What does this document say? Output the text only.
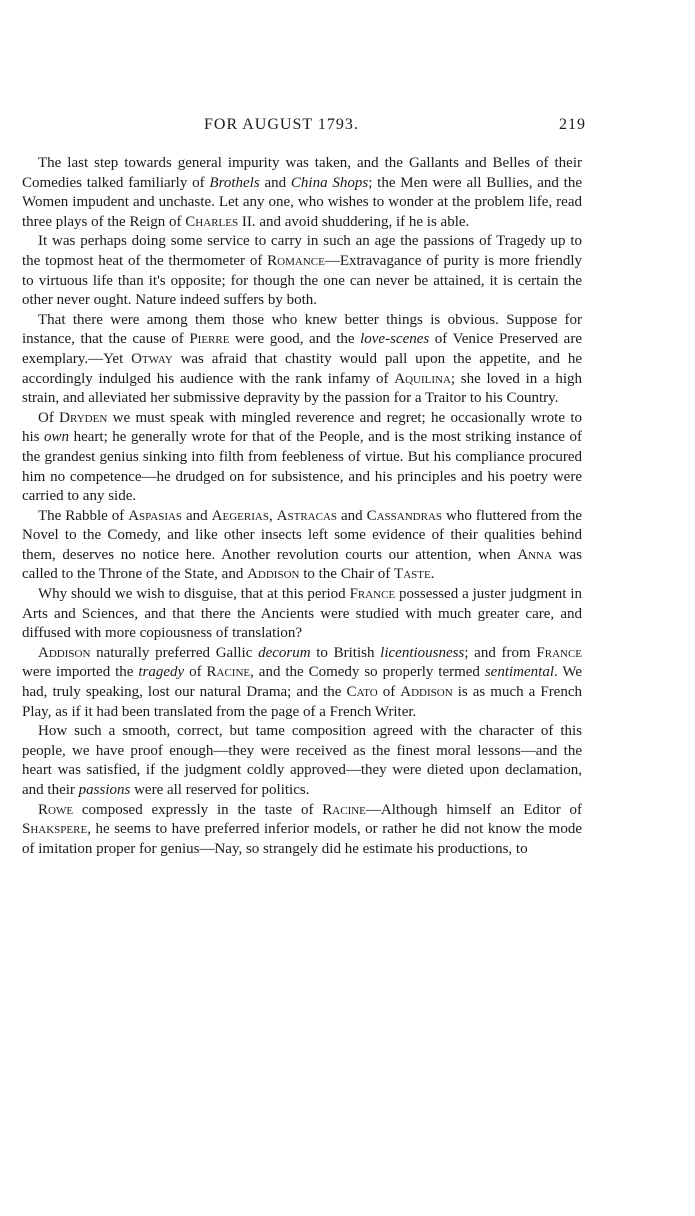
FOR AUGUST 1793.	219

The last step towards general impurity was taken, and the Gallants and Belles of their Comedies talked familiarly of Brothels and China Shops; the Men were all Bullies, and the Women impudent and unchaste. Let any one, who wishes to wonder at the problem life, read three plays of the Reign of Charles II. and avoid shuddering, if he is able.

It was perhaps doing some service to carry in such an age the passions of Tragedy up to the topmost heat of the thermometer of Romance—Extravagance of purity is more friendly to virtuous life than it's opposite; for though the one can never be attained, it is certain the other never ought. Nature indeed suffers by both.

That there were among them those who knew better things is obvious. Suppose for instance, that the cause of Pierre were good, and the love-scenes of Venice Preserved are exemplary.—Yet Otway was afraid that chastity would pall upon the appetite, and he accordingly indulged his audience with the rank infamy of Aquilina; she loved in a high strain, and alleviated her submissive depravity by the passion for a Traitor to his Country.

Of Dryden we must speak with mingled reverence and regret; he occasionally wrote to his own heart; he generally wrote for that of the People, and is the most striking instance of the grandest genius sinking into filth from feebleness of virtue. But his compliance procured him no competence—he drudged on for subsistence, and his principles and his poetry were carried to any side.

The Rabble of Aspasias and Aegerias, Astracas and Cassandras who fluttered from the Novel to the Comedy, and like other insects left some evidence of their qualities behind them, deserves no notice here. Another revolution courts our attention, when Anna was called to the Throne of the State, and Addison to the Chair of Taste.

Why should we wish to disguise, that at this period France possessed a juster judgment in Arts and Sciences, and that there the Ancients were studied with much greater care, and diffused with more copiousness of translation?

Addison naturally preferred Gallic decorum to British licentiousness; and from France were imported the tragedy of Racine, and the Comedy so properly termed sentimental. We had, truly speaking, lost our natural Drama; and the Cato of Addison is as much a French Play, as if it had been translated from the page of a French Writer.

How such a smooth, correct, but tame composition agreed with the character of this people, we have proof enough—they were received as the finest moral lessons—and the heart was satisfied, if the judgment coldly approved—they were dieted upon declamation, and their passions were all reserved for politics.

Rowe composed expressly in the taste of Racine—Although himself an Editor of Shakspere, he seems to have preferred inferior models, or rather he did not know the mode of imitation proper for genius—Nay, so strangely did he estimate his productions, to
